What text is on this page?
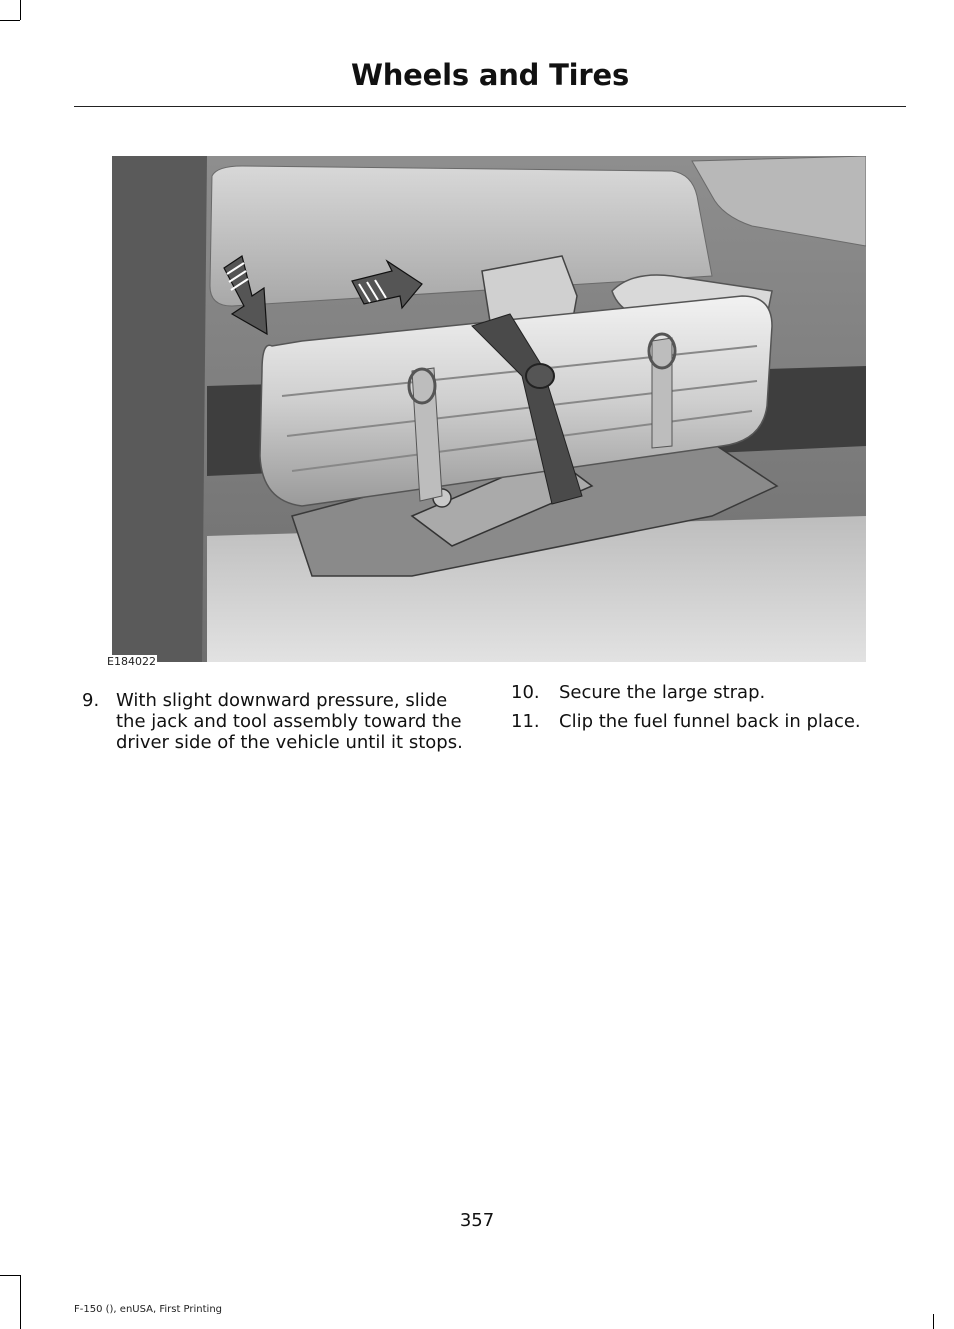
Wheels and Tires
E184022
9. With slight downward pressure, slide the jack and tool assembly toward the driver side of the vehicle until it stops.
10. Secure the large strap.
11. Clip the fuel funnel back in place.
357
F-150 (), enUSA, First Printing
